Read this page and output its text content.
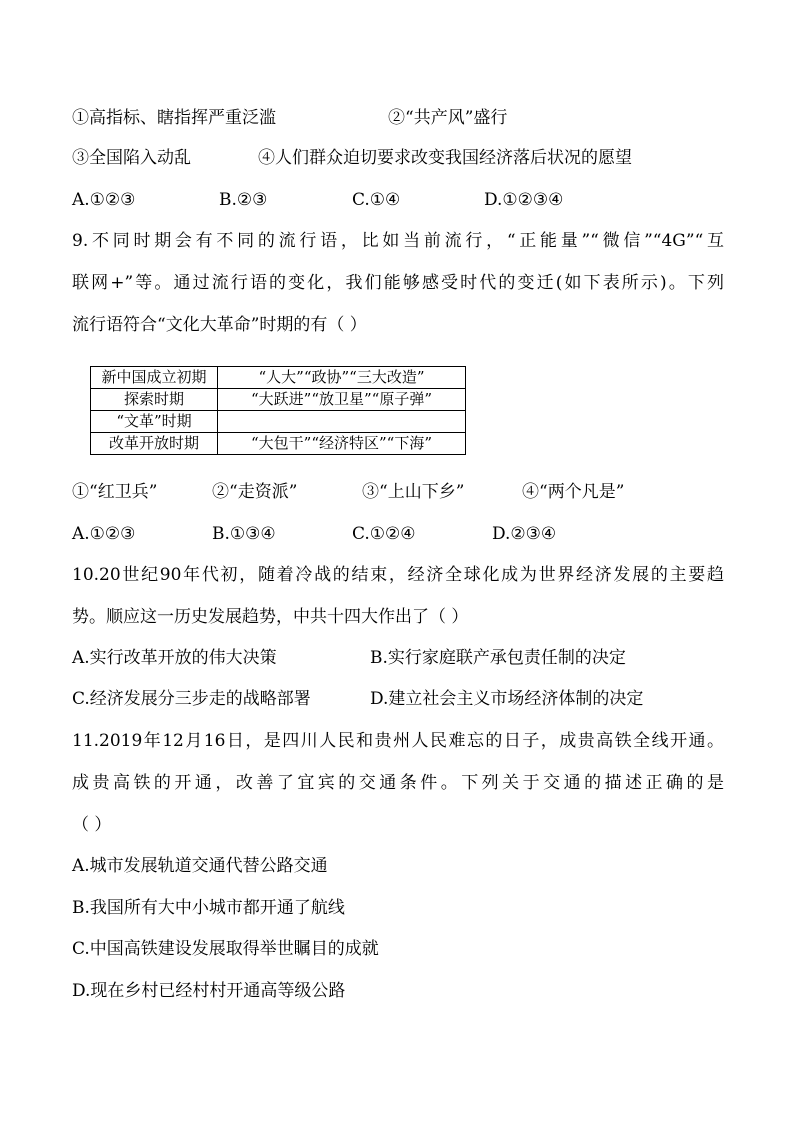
①高指标、瞎指挥严重泛滥	②“共产风”盛行
③全国陷入动乱	④人们群众迫切要求改变我国经济落后状况的愿望
A.①②③	B.②③	C.①④	D.①②③④
9.不同时期会有不同的流行语，比如当前流行，“正能量”“微信”“4G”“互
联网+”等。通过流行语的变化，我们能够感受时代的变迁(如下表所示)。下列
流行语符合“文化大革命”时期的有（ ）
新中国成立初期	“人大”“政协”“三大改造”
探索时期	“大跃进”“放卫星”“原子弹”
“文革”时期	
改革开放时期	“大包干”“经济特区”“下海”
①“红卫兵”	②“走资派”	③“上山下乡”	④“两个凡是”
A.①②③	B.①③④	C.①②④	D.②③④
10.20世纪90年代初，随着冷战的结束，经济全球化成为世界经济发展的主要趋
势。顺应这一历史发展趋势，中共十四大作出了（ ）
A.实行改革开放的伟大决策	B.实行家庭联产承包责任制的决定
C.经济发展分三步走的战略部署	D.建立社会主义市场经济体制的决定
11.2019年12月16日，是四川人民和贵州人民难忘的日子，成贵高铁全线开通。
成贵高铁的开通，改善了宜宾的交通条件。下列关于交通的描述正确的是
（ ）
A.城市发展轨道交通代替公路交通
B.我国所有大中小城市都开通了航线
C.中国高铁建设发展取得举世瞩目的成就
D.现在乡村已经村村开通高等级公路
